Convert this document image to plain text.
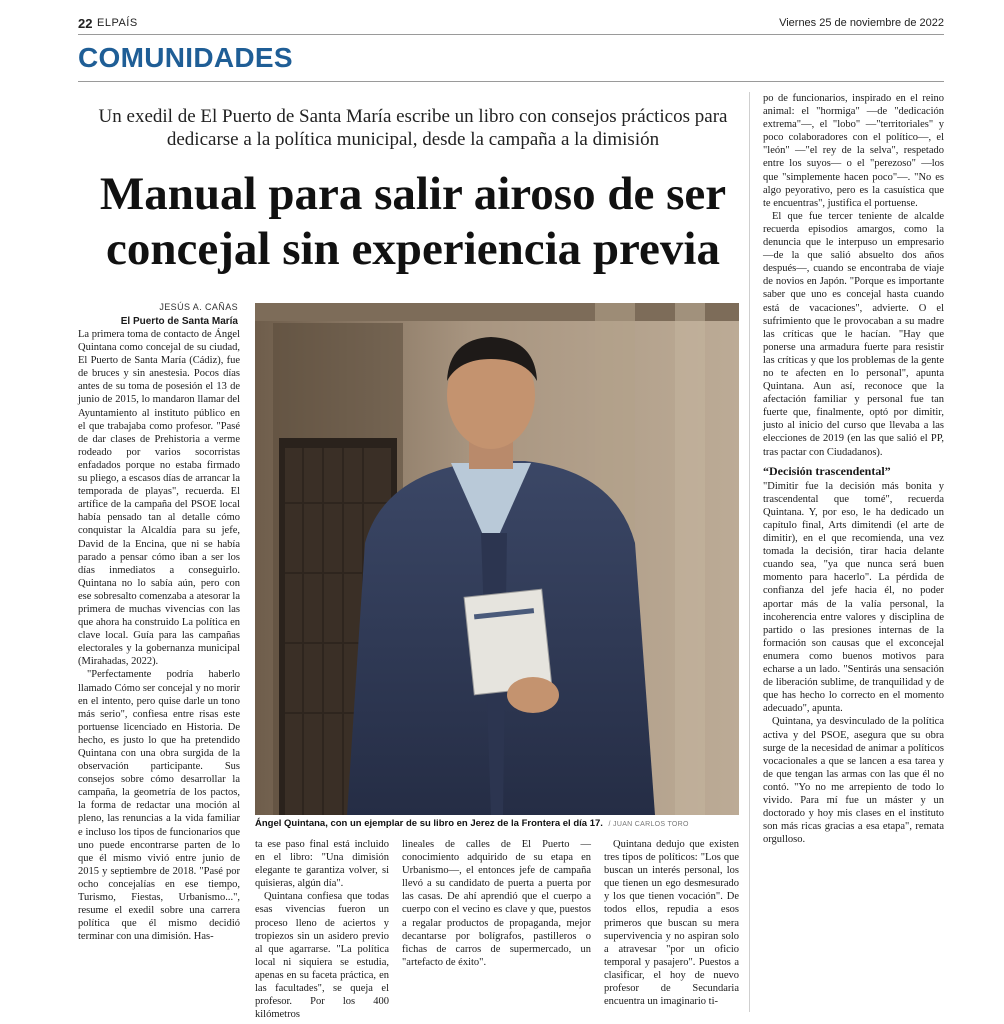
22 ELPAÍS	Viernes 25 de noviembre de 2022
COMUNIDADES
Un exedil de El Puerto de Santa María escribe un libro con consejos prácticos para dedicarse a la política municipal, desde la campaña a la dimisión
Manual para salir airoso de ser concejal sin experiencia previa
JESÚS A. CAÑAS
El Puerto de Santa María

La primera toma de contacto de Ángel Quintana como concejal de su ciudad, El Puerto de Santa María (Cádiz), fue de bruces y sin anestesia. Pocos días antes de su toma de posesión el 13 de junio de 2015, lo mandaron llamar del Ayuntamiento al instituto público en el que trabajaba como profesor. "Pasé de dar clases de Prehistoria a verme rodeado por varios socorristas enfadados porque no estaba firmado su pliego, a escasos días de arrancar la temporada de playas", recuerda. El artífice de la campaña del PSOE local había pensado tan al detalle cómo conquistar la Alcaldía para su jefe, David de la Encina, que ni se había parado a pensar cómo iban a ser los días inmediatos a conseguirlo. Quintana no lo sabía aún, pero con ese sobresalto comenzaba a atesorar la primera de muchas vivencias con las que ahora ha construido La política en clave local. Guía para las campañas electorales y la gobernanza municipal (Mirahadas, 2022).

"Perfectamente podría haberlo llamado Cómo ser concejal y no morir en el intento, pero quise darle un tono más serio", confiesa entre risas este portuense licenciado en Historia. De hecho, es justo lo que ha pretendido Quintana con una obra surgida de la observación participante. Sus consejos sobre cómo desarrollar la campaña, la geometría de los pactos, la forma de redactar una moción al pleno, las renuncias a la vida familiar e incluso los tipos de funcionarios que uno puede encontrarse parten de lo que él mismo vivió entre junio de 2015 y septiembre de 2018. "Pasé por ocho concejalías en ese tiempo, Turismo, Fiestas, Urbanismo...", resume el exedil sobre una carrera política que él mismo decidió terminar con una dimisión. Has-

Ángel Quintana, con un ejemplar de su libro en Jerez de la Frontera el día 17. / JUAN CARLOS TORO

ta ese paso final está incluido en el libro: "Una dimisión elegante te garantiza volver, si quisieras, algún día".

Quintana confiesa que todas esas vivencias fueron un proceso lleno de aciertos y tropiezos sin un asidero previo al que agarrarse. "La política local ni siquiera se estudia, apenas en su faceta práctica, en las facultades", se queja el profesor. Por los 400 kilómetros

lineales de calles de El Puerto —conocimiento adquirido de su etapa en Urbanismo—, el entonces jefe de campaña llevó a su candidato de puerta a puerta por las casas. De ahí aprendió que el cuerpo a cuerpo con el vecino es clave y que, puestos a regalar productos de propaganda, mejor decantarse por bolígrafos, pastilleros o fichas de carros de supermercado, un "artefacto de éxito".

Quintana dedujo que existen tres tipos de políticos: "Los que buscan un interés personal, los que tienen un ego desmesurado y los que tienen vocación". De todos ellos, repudia a esos primeros que buscan su mera supervivencia y no aspiran solo a atravesar "por un oficio temporal y pasajero". Puestos a clasificar, el hoy de nuevo profesor de Secundaria encuentra un imaginario ti-

po de funcionarios, inspirado en el reino animal: el "hormiga" —de "dedicación extrema"—, el "lobo" —"territoriales" y poco colaboradores con el político—, el "león" —"el rey de la selva", respetado entre los suyos— o el "perezoso" —los que "simplemente hacen poco"—. "No es algo peyorativo, pero es la casuística que te encuentras", justifica el portuense.

El que fue tercer teniente de alcalde recuerda episodios amargos, como la denuncia que le interpuso un empresario —de la que salió absuelto dos años después—, cuando se encontraba de viaje de novios en Japón. "Porque es importante saber que uno es concejal hasta cuando está de vacaciones", advierte. O el sufrimiento que le provocaban a su madre las críticas que le hacían. "Hay que ponerse una armadura fuerte para resistir las críticas y que los problemas de la gente no te afecten en lo personal", apunta Quintana. Aun así, reconoce que la afectación familiar y personal fue tan fuerte que, finalmente, optó por dimitir, justo al inicio del curso que llevaba a las elecciones de 2019 (en las que salió el PP, tras pactar con Ciudadanos).

“Decisión trascendental”

"Dimitir fue la decisión más bonita y trascendental que tomé", recuerda Quintana. Y, por eso, le ha dedicado un capítulo final, Arts dimitendi (el arte de dimitir), en el que recomienda, una vez tomada la decisión, tirar hacia delante cuando sea, "ya que nunca será buen momento para hacerlo". La pérdida de confianza del jefe hacia él, no poder aportar más de la valía personal, la incoherencia entre valores y disciplina de partido o las presiones internas de la formación son causas que el exconcejal enumera como buenos motivos para echarse a un lado. "Sentirás una sensación de liberación sublime, de tranquilidad y de que has hecho lo correcto en el momento adecuado", apunta.

Quintana, ya desvinculado de la política activa y del PSOE, asegura que su obra surge de la necesidad de animar a políticos vocacionales a que se lancen a esa tarea y de que tengan las armas con las que él no contó. "Yo no me arrepiento de todo lo vivido. Para mí fue un máster y un doctorado y hoy mis clases en el instituto son más ricas gracias a esa etapa", remata orgulloso.
